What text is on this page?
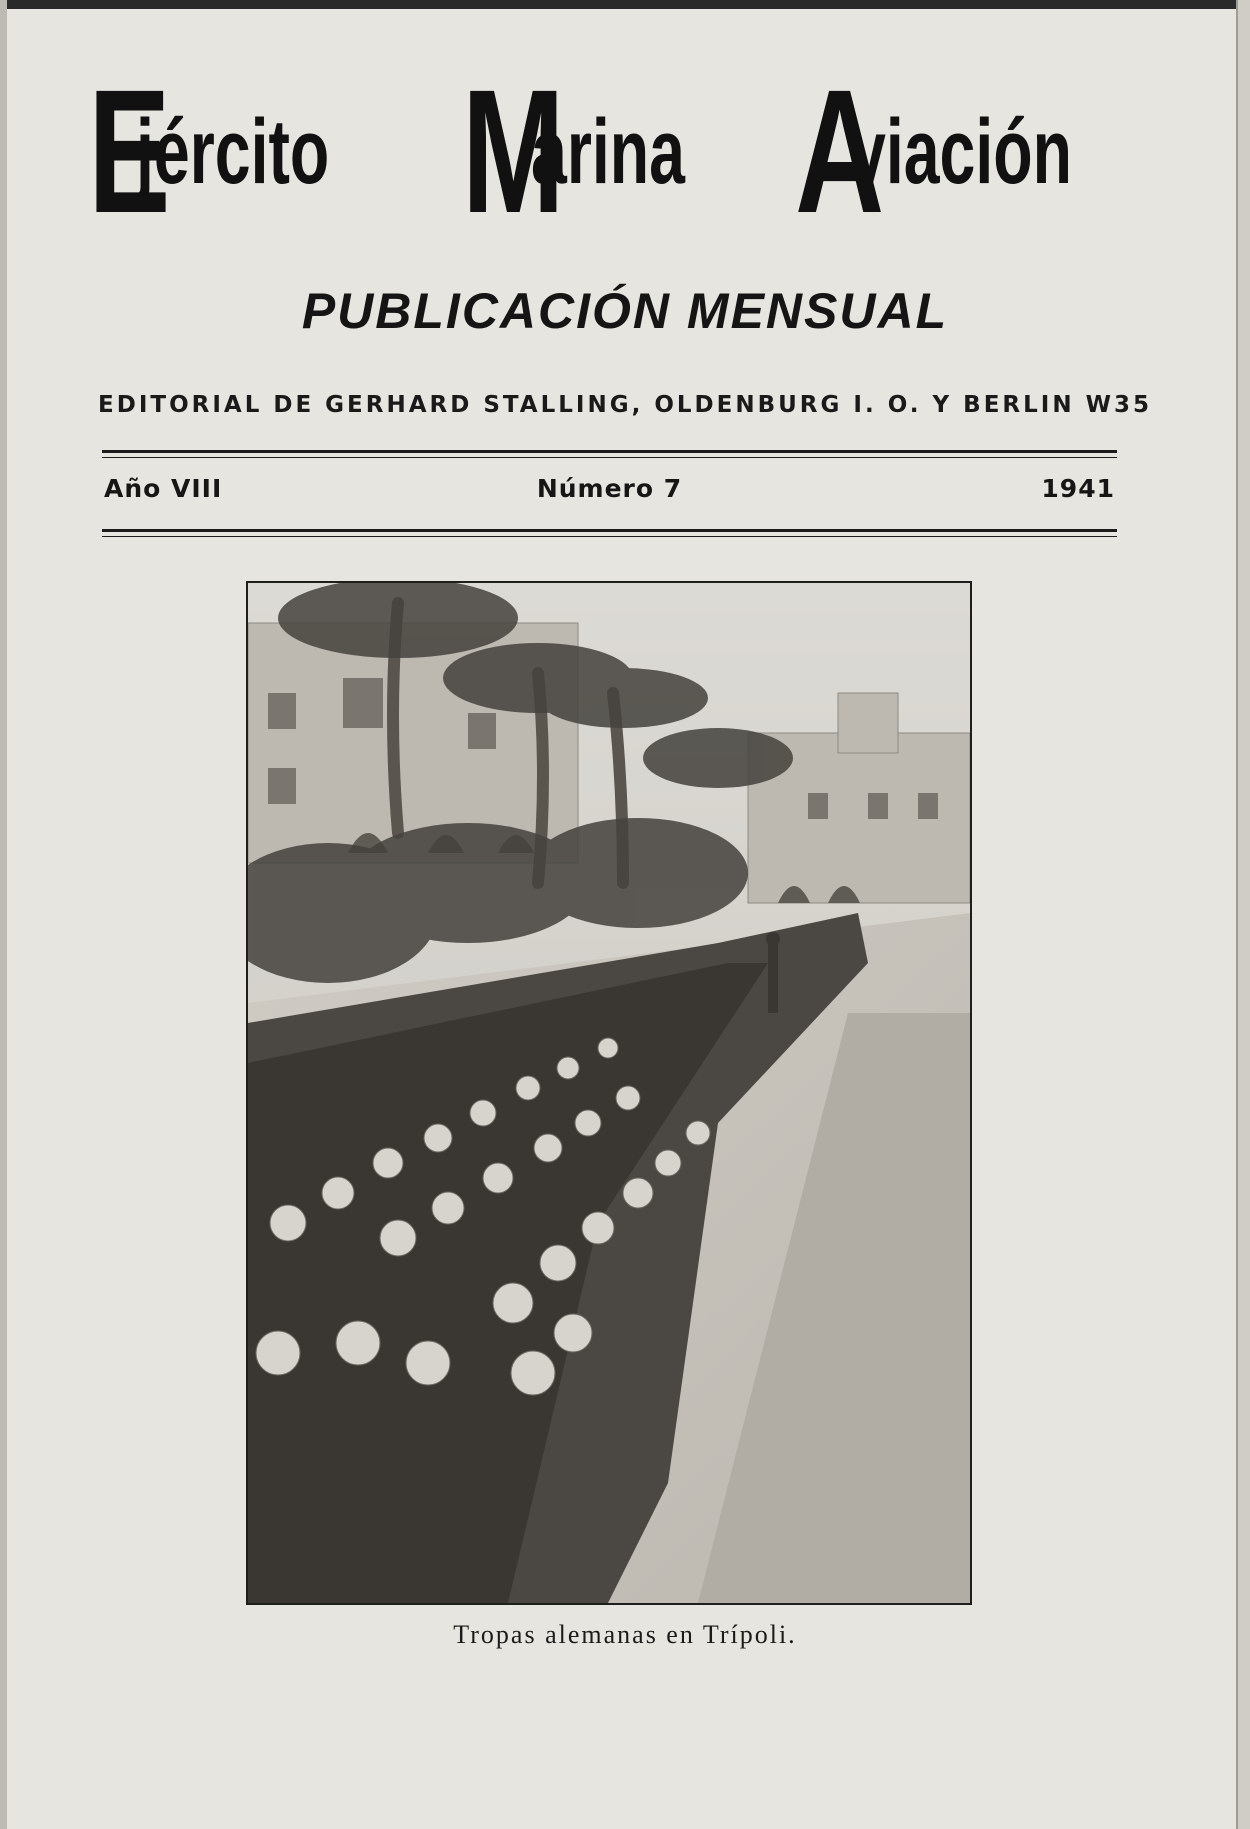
E
jército M
arina A
viación
PUBLICACIÓN MENSUAL
EDITORIAL DE GERHARD STALLING, OLDENBURG I. O. Y BERLIN W35
Año VIII	Número 7	1941
Tropas alemanas en Trípoli.
